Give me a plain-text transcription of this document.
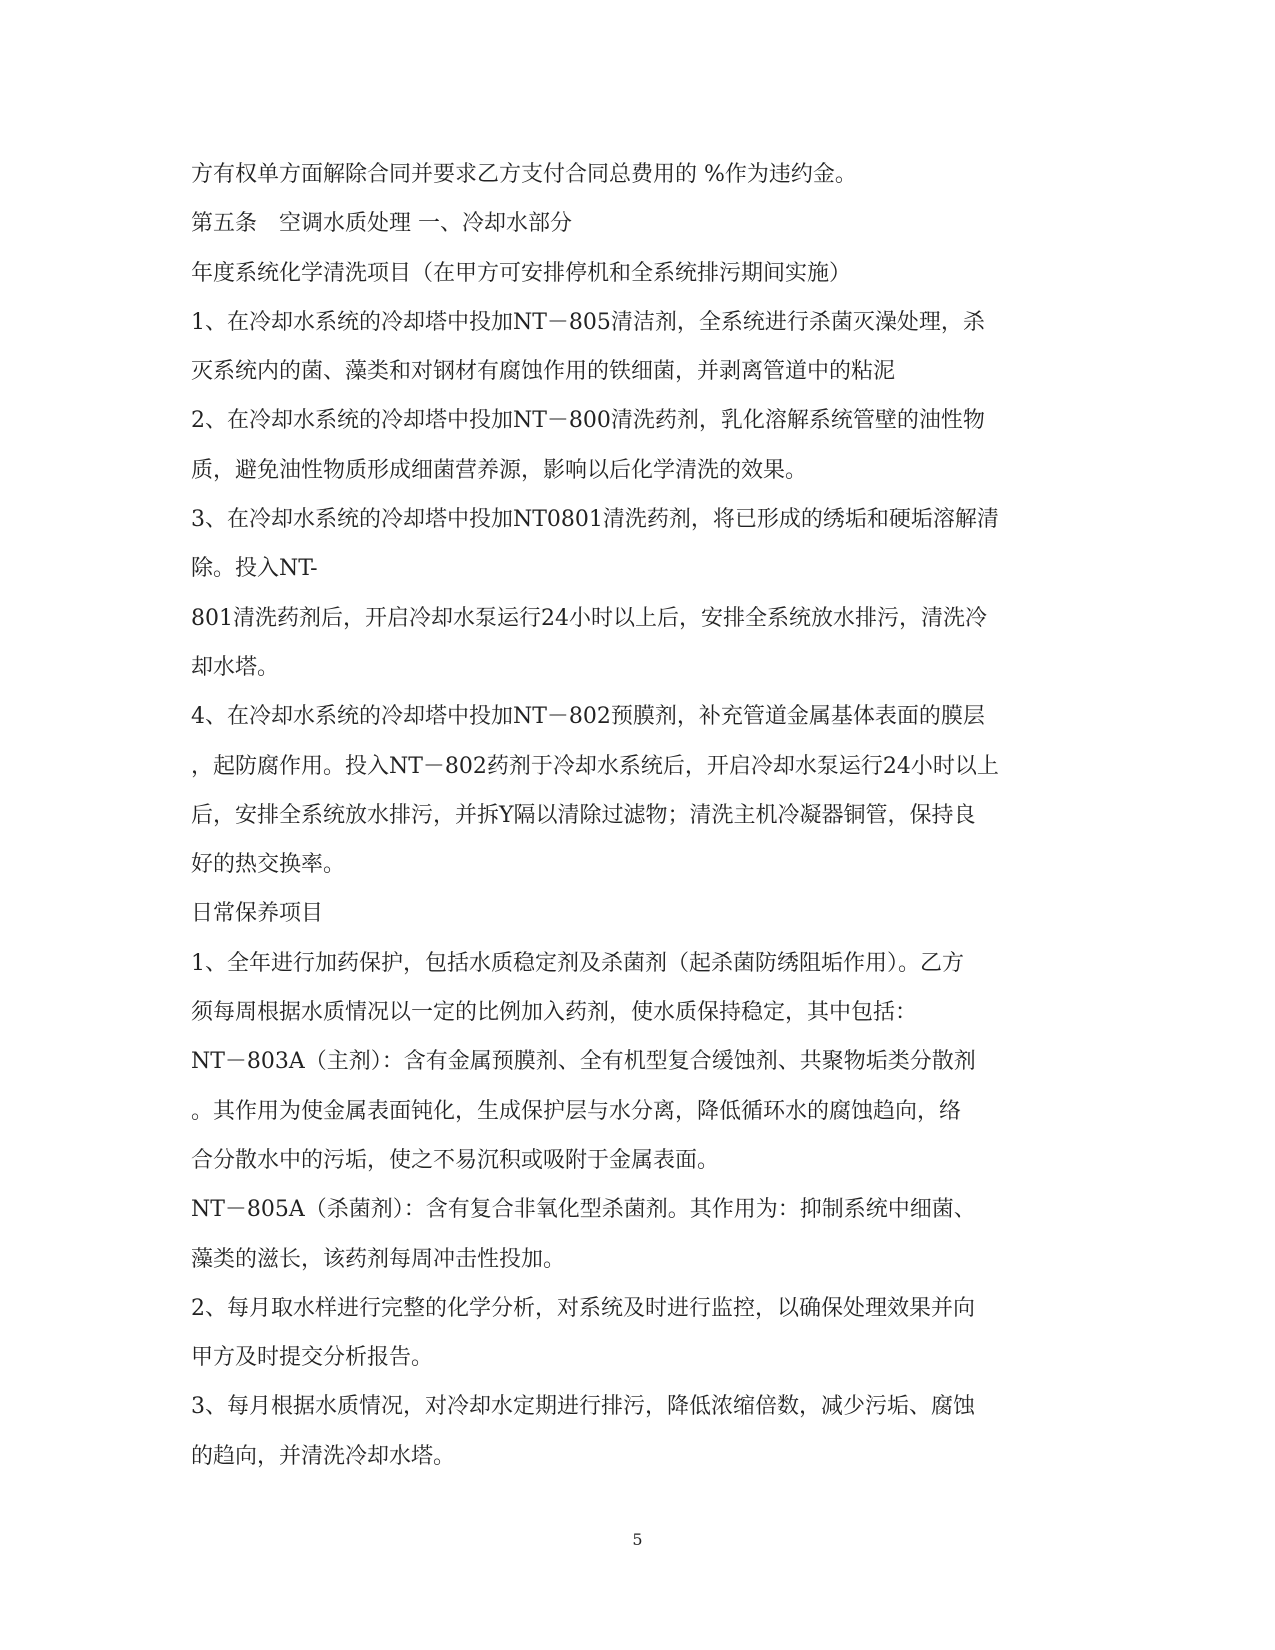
方有权单方面解除合同并要求乙方支付合同总费用的 %作为违约金。
第五条　空调水质处理 一、冷却水部分
年度系统化学清洗项目（在甲方可安排停机和全系统排污期间实施）
1、在冷却水系统的冷却塔中投加NT－805清洁剂，全系统进行杀菌灭澡处理，杀
灭系统内的菌、藻类和对钢材有腐蚀作用的铁细菌，并剥离管道中的粘泥
2、在冷却水系统的冷却塔中投加NT－800清洗药剂，乳化溶解系统管壁的油性物
质，避免油性物质形成细菌营养源，影响以后化学清洗的效果。
3、在冷却水系统的冷却塔中投加NT0801清洗药剂，将已形成的绣垢和硬垢溶解清
除。投入NT-
801清洗药剂后，开启冷却水泵运行24小时以上后，安排全系统放水排污，清洗冷
却水塔。
4、在冷却水系统的冷却塔中投加NT－802预膜剂，补充管道金属基体表面的膜层
，起防腐作用。投入NT－802药剂于冷却水系统后，开启冷却水泵运行24小时以上
后，安排全系统放水排污，并拆Y隔以清除过滤物；清洗主机冷凝器铜管，保持良
好的热交换率。
日常保养项目
1、全年进行加药保护，包括水质稳定剂及杀菌剂（起杀菌防绣阻垢作用）。乙方
须每周根据水质情况以一定的比例加入药剂，使水质保持稳定，其中包括：
NT－803A（主剂）：含有金属预膜剂、全有机型复合缓蚀剂、共聚物垢类分散剂
。其作用为使金属表面钝化，生成保护层与水分离，降低循环水的腐蚀趋向，络
合分散水中的污垢，使之不易沉积或吸附于金属表面。
NT－805A（杀菌剂）：含有复合非氧化型杀菌剂。其作用为：抑制系统中细菌、
藻类的滋长，该药剂每周冲击性投加。
2、每月取水样进行完整的化学分析，对系统及时进行监控，以确保处理效果并向
甲方及时提交分析报告。
3、每月根据水质情况，对冷却水定期进行排污，降低浓缩倍数，减少污垢、腐蚀
的趋向，并清洗冷却水塔。
5
